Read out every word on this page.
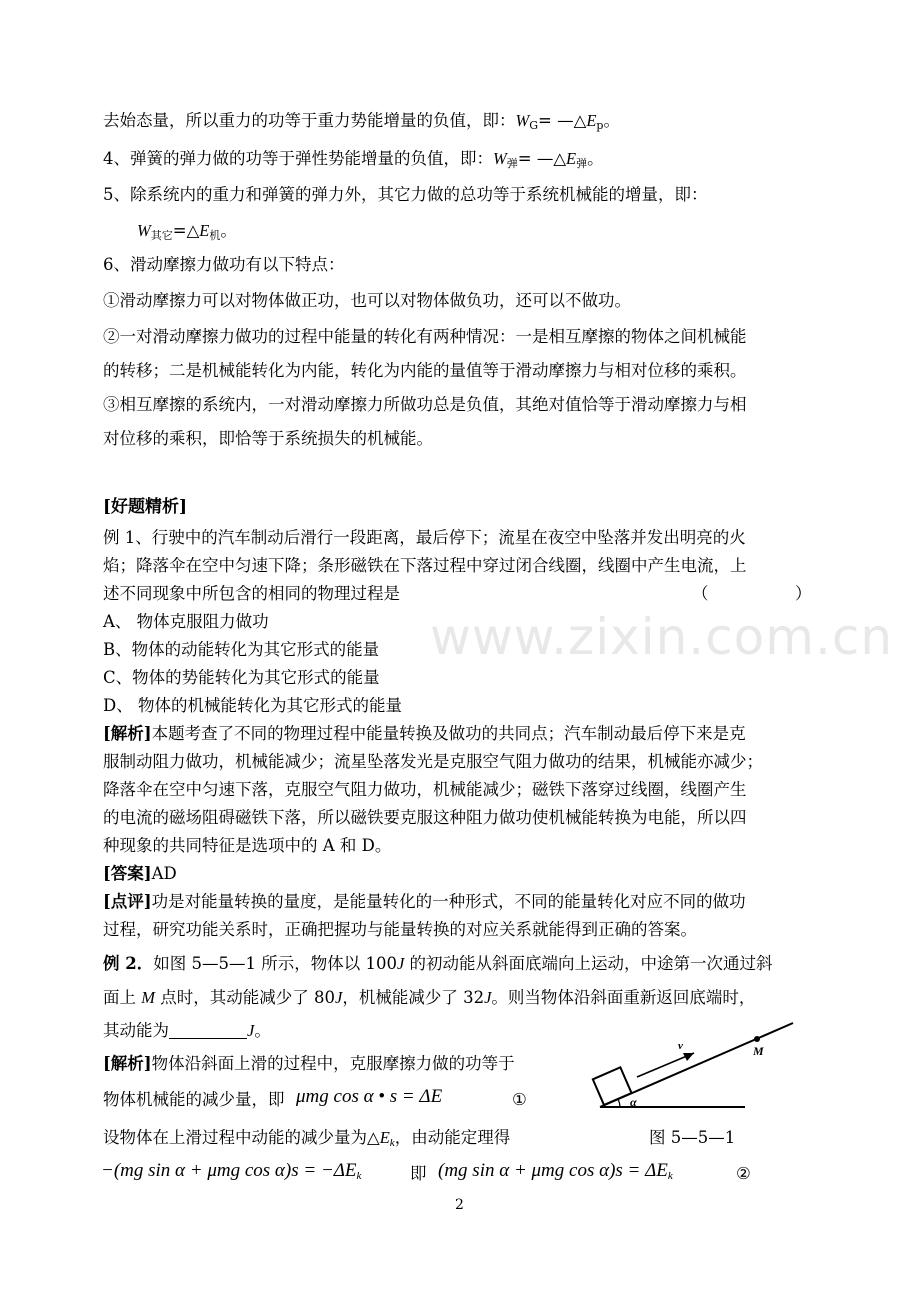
www.zixin.com.cn
去始态量，所以重力的功等于重力势能增量的负值，即：$W_G=$ $—\triangle E_p$。
4、弹簧的弹力做的功等于弹性势能增量的负值，即：$W_弹=$ $—\triangle E_弹$。
5、除系统内的重力和弹簧的弹力外，其它力做的总功等于系统机械能的增量，即：
$W_{其它}=\triangle E_机$。
6、滑动摩擦力做功有以下特点：
①滑动摩擦力可以对物体做正功，也可以对物体做负功，还可以不做功。
②一对滑动摩擦力做功的过程中能量的转化有两种情况：一是相互摩擦的物体之间机械能
的转移；二是机械能转化为内能，转化为内能的量值等于滑动摩擦力与相对位移的乘积。
③相互摩擦的系统内，一对滑动摩擦力所做功总是负值，其绝对值恰等于滑动摩擦力与相
对位移的乘积，即恰等于系统损失的机械能。
[好题精析]
例 1、行驶中的汽车制动后滑行一段距离，最后停下；流星在夜空中坠落并发出明亮的火
焰；降落伞在空中匀速下降；条形磁铁在下落过程中穿过闭合线圈，线圈中产生电流，上
述不同现象中所包含的相同的物理过程是	（	）
A、 物体克服阻力做功
B、物体的动能转化为其它形式的能量
C、物体的势能转化为其它形式的能量
D、 物体的机械能转化为其它形式的能量
[解析]本题考查了不同的物理过程中能量转换及做功的共同点；汽车制动最后停下来是克
服制动阻力做功，机械能减少；流星坠落发光是克服空气阻力做功的结果，机械能亦减少；
降落伞在空中匀速下落，克服空气阻力做功，机械能减少；磁铁下落穿过线圈，线圈产生
的电流的磁场阻碍磁铁下落，所以磁铁要克服这种阻力做功使机械能转换为电能，所以四
种现象的共同特征是选项中的 A 和 D。
[答案]AD
[点评]功是对能量转换的量度，是能量转化的一种形式，不同的能量转化对应不同的做功
过程，研究功能关系时，正确把握功与能量转换的对应关系就能得到正确的答案。
例 2．如图 5—5—1 所示，物体以 100J 的初动能从斜面底端向上运动，中途第一次通过斜
面上 M 点时，其动能减少了 80J，机械能减少了 32J。则当物体沿斜面重新返回底端时，
其动能为	J。
[解析]物体沿斜面上滑的过程中，克服摩擦力做的功等于
物体机械能的减少量，即 μmg cos α • s = ΔE	①
设物体在上滑过程中动能的减少量为$\triangle E_k$，由动能定理得
−(mg sin α + μmg $\cos \alpha)s = -\Delta E_k$	即 (mg sin α + μmg $\cos \alpha)s = \Delta E_k$	②
v	M
α
图 5—5—1
2
